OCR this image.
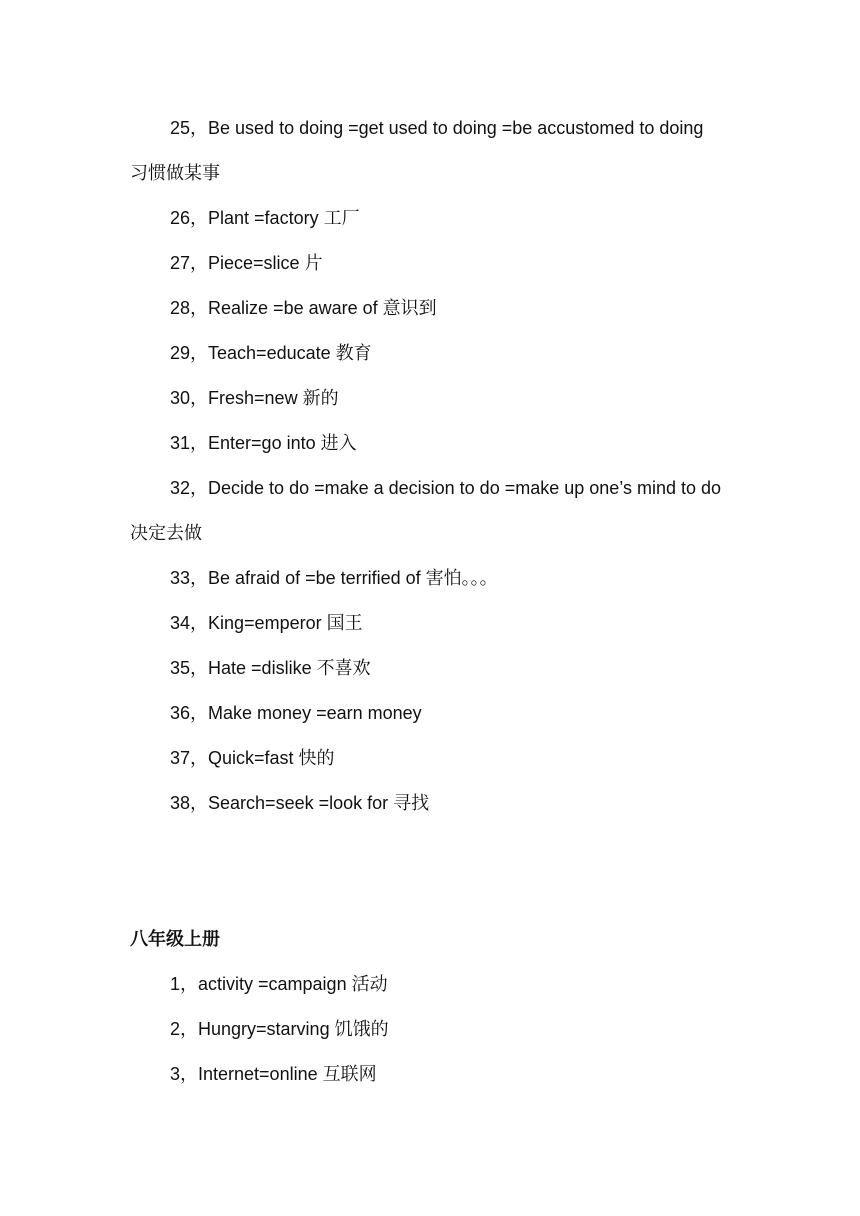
25，Be used to doing =get used to doing =be accustomed to doing
习惯做某事
26，Plant =factory 工厂
27，Piece=slice 片
28，Realize =be aware of 意识到
29，Teach=educate 教育
30，Fresh=new 新的
31，Enter=go into 进入
32，Decide to do =make a decision to do =make up one’s mind to do
决定去做
33，Be afraid of =be terrified of 害怕。。。
34，King=emperor 国王
35，Hate =dislike 不喜欢
36，Make money =earn money
37，Quick=fast 快的
38，Search=seek =look for 寻找
八年级上册
1，activity =campaign 活动
2，Hungry=starving 饥饿的
3，Internet=online 互联网
